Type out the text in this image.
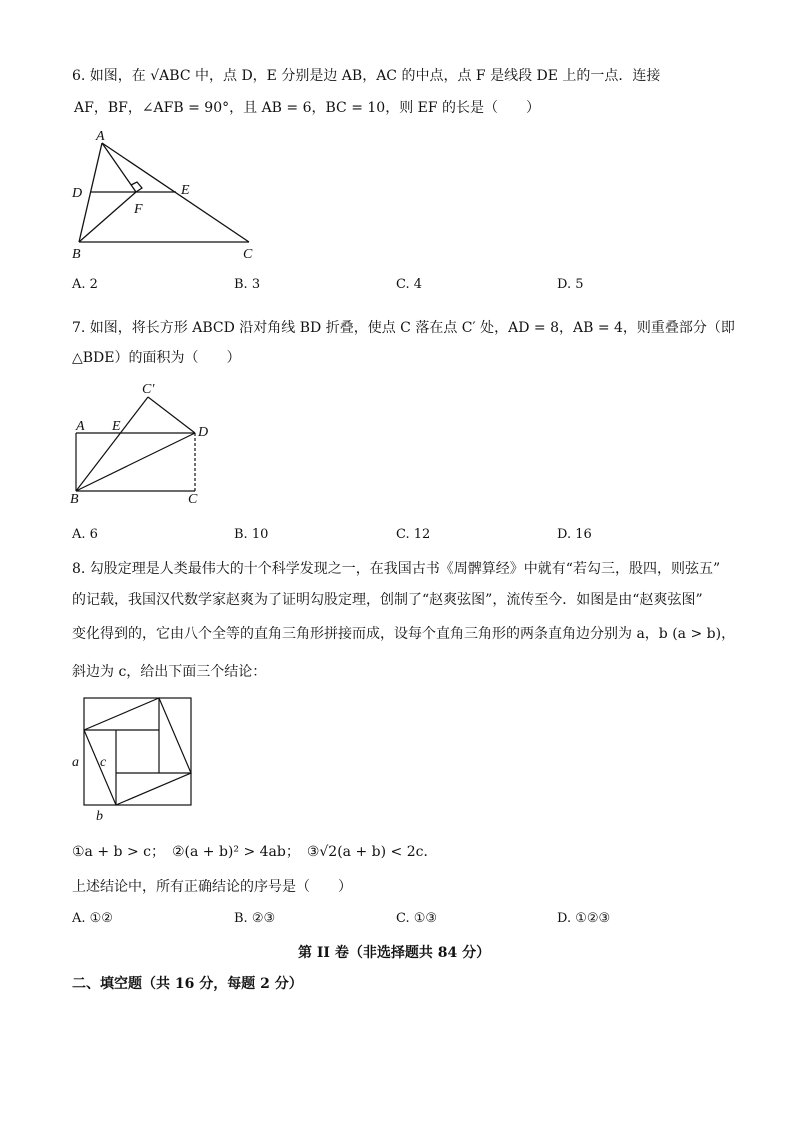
6. 如图，在 √ABC 中，点 D，E 分别是边 AB，AC 的中点，点 F 是线段 DE 上的一点．连接
AF，BF，∠AFB = 90°，且 AB = 6，BC = 10，则 EF 的长是（　　）
A
D	E
F
B	C
A. 2	B. 3	C. 4	D. 5
7. 如图，将长方形 ABCD 沿对角线 BD 折叠，使点 C 落在点 C′ 处，AD = 8，AB = 4，则重叠部分（即
△BDE）的面积为（　　）
C′
A E	D
B	C
A. 6	B. 10	C. 12	D. 16
8. 勾股定理是人类最伟大的十个科学发现之一，在我国古书《周髀算经》中就有“若勾三，股四，则弦五”
的记载，我国汉代数学家赵爽为了证明勾股定理，创制了“赵爽弦图”，流传至今．如图是由“赵爽弦图”
变化得到的，它由八个全等的直角三角形拼接而成，设每个直角三角形的两条直角边分别为 a，b (a > b)，
斜边为 c，给出下面三个结论：
a c
b
①a + b > c；　②(a + b)² > 4ab；　③√2(a + b) < 2c．
上述结论中，所有正确结论的序号是（　　）
A. ①②	B. ②③	C. ①③	D. ①②③
第 II 卷（非选择题共 84 分）
二、填空题（共 16 分，每题 2 分）
